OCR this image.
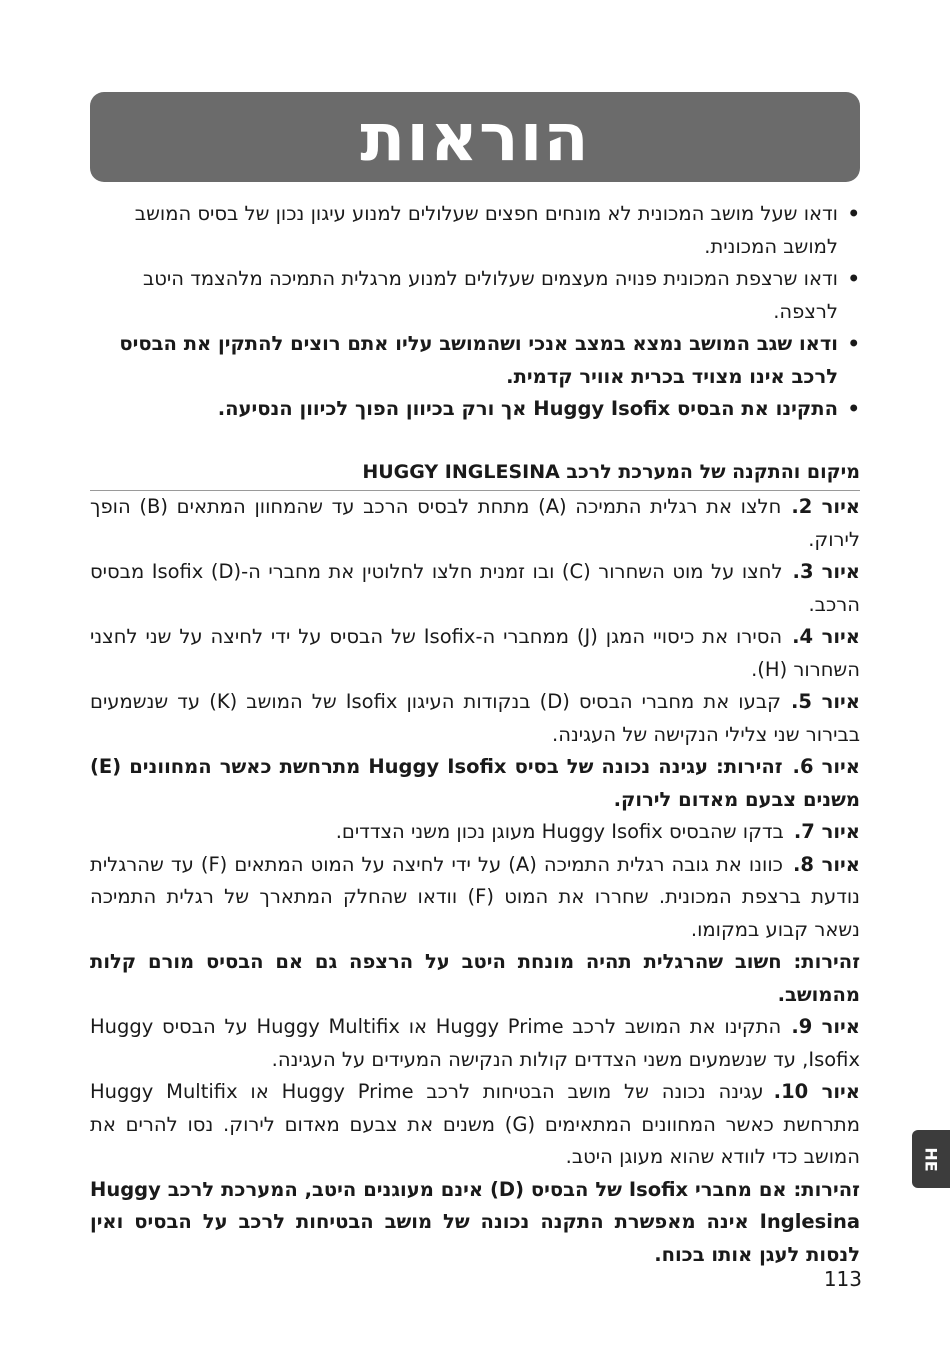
הוראות
• ודאו שעל מושב המכונית לא מונחים חפצים שעלולים למנוע עיגון נכון של בסיס המושב למושב המכונית.
• ודאו שרצפת המכונית פנויה מעצמים שעלולים למנוע מרגלית התמיכה מלהצמד היטב לרצפה.
• ודאו שגב המושב נמצא במצב אנכי ושהמושב עליו אתם רוצים להתקין את הבסיס לרכב אינו מצויד בכרית אוויר קדמית.
• התקינו את הבסיס Huggy Isofix אך ורק בכיוון הפוך לכיוון הנסיעה.
מיקום והתקנה של המערכת לרכב HUGGY INGLESINA
איור 2.חלצו את רגלית התמיכה (A) מתחת לבסיס הרכב עד שהמחוון המתאים (B) הופך לירוק.
איור 3.לחצו על מוט השחרור (C) ובו זמנית חלצו לחלוטין את מחברי ה-Isofix (D) מבסיס הרכב.
איור 4.הסירו את כיסויי המגן (J) ממחברי ה-Isofix של הבסיס על ידי לחיצה על שני לחצני השחרור (H).
איור 5.קבעו את מחברי הבסיס (D) בנקודות העיגון Isofix של המושב (K) עד שנשמעים בבירור שני צלילי הנקישה של העגינה.
איור 6.זהירות: עגינה נכונה של בסיס Huggy Isofix מתרחשת כאשר המחוונים (E) משנים צבעם מאדום לירוק.
איור 7.בדקו שהבסיס Huggy Isofix מעוגן נכון משני הצדדים.
איור 8.כוונו את גובה רגלית התמיכה (A) על ידי לחיצה על המוט המתאים (F) עד שהרגלית נודעת ברצפת המכונית. שחררו את המוט (F) וודאו שהחלק המתארך של רגלית התמיכה נשאר קבוע במקומו.
זהירות: חשוב שהרגלית תהיה מונחת היטב על הרצפה גם אם הבסיס מורם קלות מהמושב.
איור 9.התקינו את המושב לרכב Huggy Prime או Huggy Multifix על הבסיס Huggy Isofix, עד שנשמעים משני הצדדים קולות הנקישה המעידים על העגינה.
איור 10.עגינה נכונה של מושב הבטיחות לרכב Huggy Prime או Huggy Multifix מתרחשת כאשר המחוונים המתאימים (G) משנים את צבעם מאדום לירוק. נסו להרים את המושב כדי לוודא שהוא מעוגן היטב.
זהירות: אם מחברי Isofix של הבסיס (D) אינם מעוגנים היטב, המערכת לרכב Huggy Inglesina אינה מאפשרת התקנה נכונה של מושב הבטיחות לרכב על הבסיס ואין לנסות לעגן אותו בכוח.
HE
113
